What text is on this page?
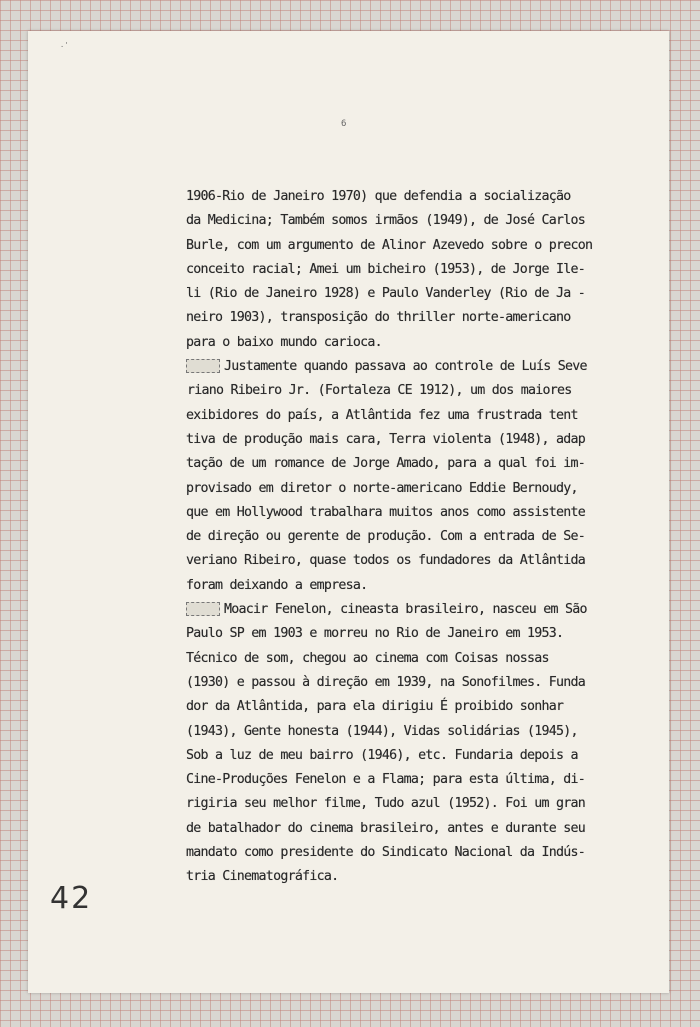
.'
6
1906-Rio de Janeiro 1970) que defendia a socialização
da Medicina; Também somos irmãos (1949), de José Carlos
Burle, com um argumento de Alinor Azevedo sobre o precon
conceito racial; Amei um bicheiro (1953), de Jorge Ile-
li (Rio de Janeiro 1928) e Paulo Vanderley (Rio de Ja -
neiro 1903), transposição do thriller norte-americano
para o baixo mundo carioca.
Justamente quando passava ao controle de Luís Seve
riano Ribeiro Jr. (Fortaleza CE 1912), um dos maiores
exibidores do país, a Atlântida fez uma frustrada tent
tiva de produção mais cara, Terra violenta (1948), adap
tação de um romance de Jorge Amado, para a qual foi im-
provisado em diretor o norte-americano Eddie Bernoudy,
que em Hollywood trabalhara muitos anos como assistente
de direção ou gerente de produção. Com a entrada de Se-
veriano Ribeiro, quase todos os fundadores da Atlântida
foram deixando a empresa.
Moacir Fenelon, cineasta brasileiro, nasceu em São
Paulo SP em 1903 e morreu no Rio de Janeiro em 1953.
Técnico de som, chegou ao cinema com Coisas nossas
(1930) e passou à direção em 1939, na Sonofilmes. Funda
dor da Atlântida, para ela dirigiu É proibido sonhar
(1943), Gente honesta (1944), Vidas solidárias (1945),
Sob a luz de meu bairro (1946), etc. Fundaria depois a
Cine-Produções Fenelon e a Flama; para esta última, di-
rigiria seu melhor filme, Tudo azul (1952). Foi um gran
de batalhador do cinema brasileiro, antes e durante seu
mandato como presidente do Sindicato Nacional da Indús-
tria Cinematográfica.
42
